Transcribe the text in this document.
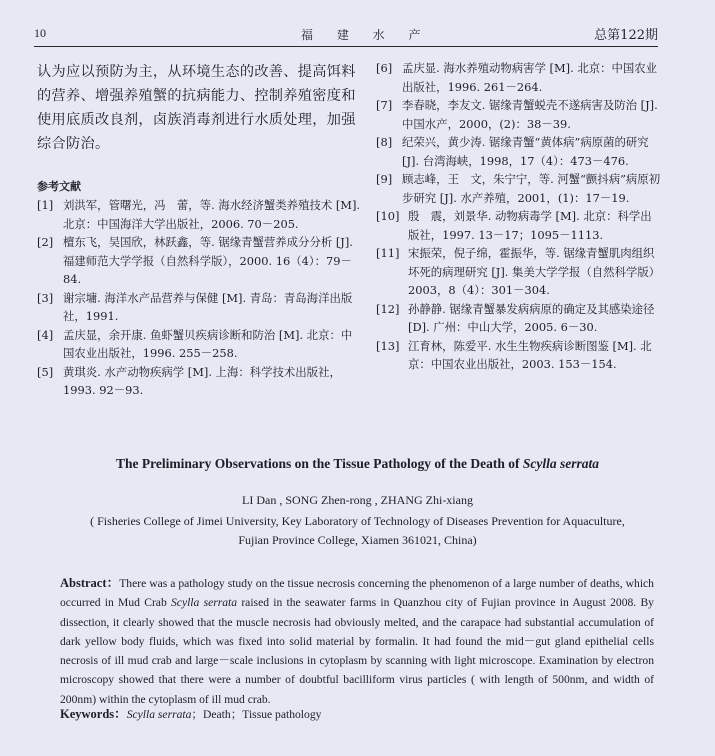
10	福 建 水 产	总第122期

认为应以预防为主，从环境生态的改善、提高饵料的营养、增强养殖蟹的抗病能力、控制养殖密度和使用底质改良剂，卤族消毒剂进行水质处理，加强综合防治。

参考文献
[1] 刘洪军，管曙光，冯　蕾，等. 海水经济蟹类养殖技术 [M]. 北京：中国海洋大学出版社，2006. 70－205.
[2] 檀东飞，吴国欣，林跃鑫，等. 锯缘青蟹营养成分分析 [J]. 福建师范大学学报（自然科学版），2000. 16（4）：79－84.
[3] 谢宗墉. 海洋水产品营养与保健 [M]. 青岛：青岛海洋出版社，1991.
[4] 孟庆显，余开康. 鱼虾蟹贝疾病诊断和防治 [M]. 北京：中国农业出版社，1996. 255－258.
[5] 黄琪炎. 水产动物疾病学 [M]. 上海：科学技术出版社，1993. 92－93.
[6] 孟庆显. 海水养殖动物病害学 [M]. 北京：中国农业出版社，1996. 261－264.
[7] 李春晓，李友文. 锯缘青蟹蜕壳不遂病害及防治 [J]. 中国水产，2000，(2)：38－39.
[8] 纪荣兴，黄少涛. 锯缘青蟹“黄体病”病原菌的研究 [J]. 台湾海峡，1998，17（4）：473－476.
[9] 顾志峰，王　文，朱宁宁，等. 河蟹“颤抖病”病原初步研究 [J]. 水产养殖，2001，(1)：17－19.
[10] 殷　震，刘景华. 动物病毒学 [M]. 北京：科学出版社，1997. 13－17；1095－1113.
[11] 宋振荣，倪子绵，霍振华，等. 锯缘青蟹肌肉组织坏死的病理研究 [J]. 集美大学学报（自然科学版）2003，8（4）：301－304.
[12] 孙静静. 锯缘青蟹暴发病病原的确定及其感染途径 [D]. 广州：中山大学，2005. 6－30.
[13] 江育林，陈爱平. 水生生物疾病诊断图鉴 [M]. 北京：中国农业出版社，2003. 153－154.
The Preliminary Observations on the Tissue Pathology of the Death of Scylla serrata
LI Dan , SONG Zhen-rong , ZHANG Zhi-xiang
( Fisheries College of Jimei University, Key Laboratory of Technology of Diseases Prevention for Aquaculture,
Fujian Province College, Xiamen 361021, China)
Abstract：There was a pathology study on the tissue necrosis concerning the phenomenon of a large number of deaths, which occurred in Mud Crab Scylla serrata raised in the seawater farms in Quanzhou city of Fujian province in August 2008. By dissection, it clearly showed that the muscle necrosis had obviously melted, and the carapace had substantial accumulation of dark yellow body fluids, which was fixed into solid material by formalin. It had found the mid－gut gland epithelial cells necrosis of ill mud crab and large－scale inclusions in cytoplasm by scanning with light microscope. Examination by electron microscopy showed that there were a number of doubtful bacilliform virus particles ( with length of 500nm, and width of 200nm) within the cytoplasm of ill mud crab.
Keywords：Scylla serrata；Death；Tissue pathology
